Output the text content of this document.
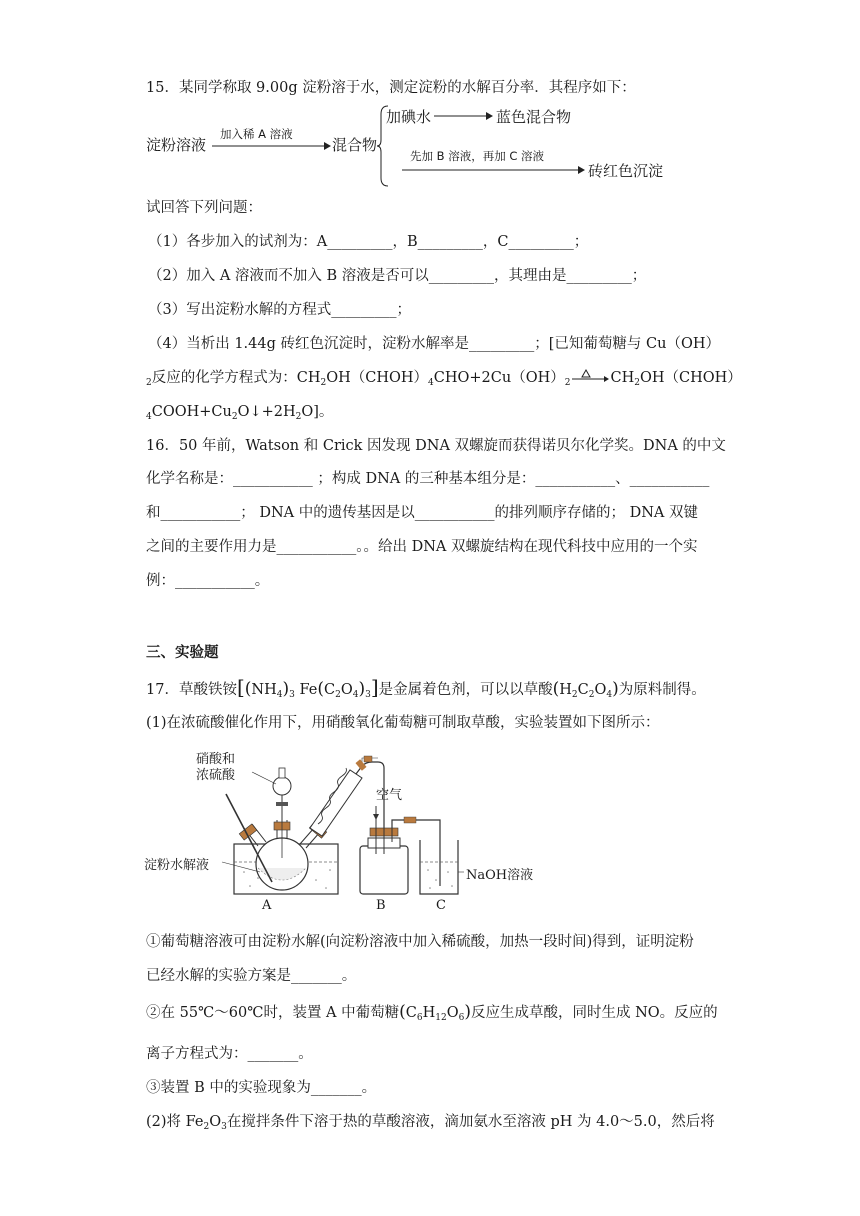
15．某同学称取 9.00g 淀粉溶于水，测定淀粉的水解百分率．其程序如下：
淀粉溶液
加入稀 A 溶液
混合物
加碘水	蓝色混合物
先加 B 溶液，再加 C 溶液
砖红色沉淀
试回答下列问题：
（1）各步加入的试剂为：A_________，B_________，C_________；
（2）加入 A 溶液而不加入 B 溶液是否可以_________，其理由是_________；
（3）写出淀粉水解的方程式_________；
（4）当析出 1.44g 砖红色沉淀时，淀粉水解率是_________；[已知葡萄糖与 Cu（OH）
$_2$反应的化学方程式为：$CH_2OH(CHOH)_4CHO+2Cu(OH)_2$	$CH_2OH(CHOH)$
$_4COOH+Cu_2O↓+2H_2O$]。
16．50 年前，Watson 和 Crick 因发现 DNA 双螺旋而获得诺贝尔化学奖。DNA 的中文
化学名称是：___________ ；构成 DNA 的三种基本组分是：___________、___________
和___________； DNA 中的遗传基因是以___________的排列顺序存储的； DNA 双键
之间的主要作用力是___________。。给出 DNA 双螺旋结构在现代科技中应用的一个实
例：___________。
三、实验题
17．草酸铁铵[$(NH_4)_3$ $Fe(C_2O_4)_3$]是金属着色剂，可以以草酸$(H_2C_2O_4)$为原料制得。
(1)在浓硫酸催化作用下，用硝酸氧化葡萄糖可制取草酸，实验装置如下图所示：
硝酸和
浓硫酸
空气
淀粉水解液
NaOH溶液
A	B	C
①葡萄糖溶液可由淀粉水解(向淀粉溶液中加入稀硫酸，加热一段时间)得到，证明淀粉
已经水解的实验方案是_______。
②在 55℃～60℃时，装置 A 中葡萄糖$(C_6H_{12}O_6)$反应生成草酸，同时生成 NO。反应的
离子方程式为：_______。
③装置 B 中的实验现象为_______。
(2)将 $Fe_2O_3$在搅拌条件下溶于热的草酸溶液，滴加氨水至溶液 pH 为 4.0～5.0，然后将
